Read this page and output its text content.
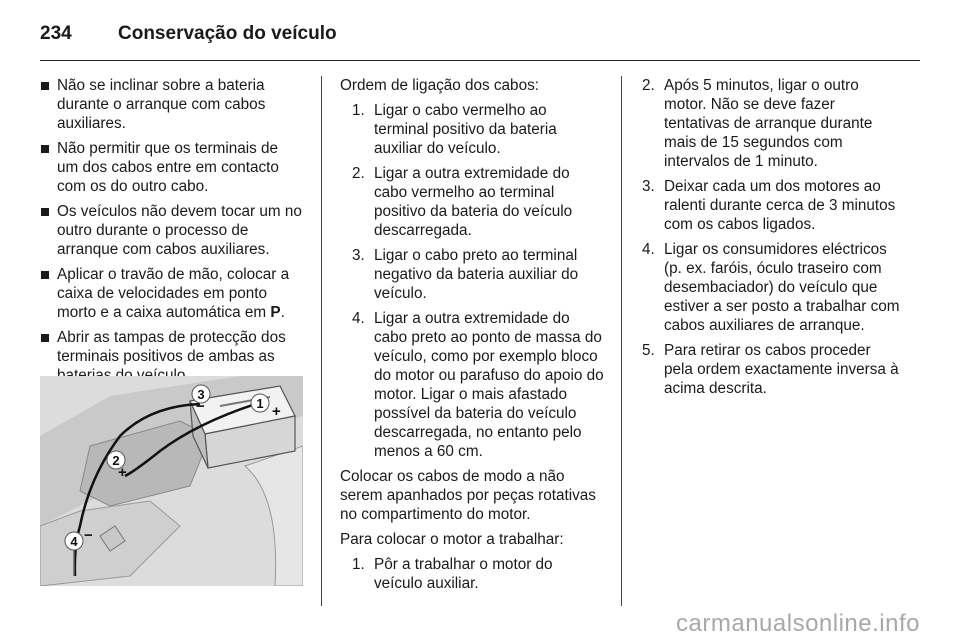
234	Conservação do veículo
Não se inclinar sobre a bateria durante o arranque com cabos auxiliares.
Não permitir que os terminais de um dos cabos entre em contacto com os do outro cabo.
Os veículos não devem tocar um no outro durante o processo de arranque com cabos auxiliares.
Aplicar o travão de mão, colocar a caixa de velocidades em ponto morto e a caixa automática em P.
Abrir as tampas de protecção dos terminais positivos de ambas as
1 +
2
+
3
−
4 −
Ordem de ligação dos cabos:
1. Ligar o cabo vermelho ao terminal positivo da bateria auxiliar do veículo.
2. Ligar a outra extremidade do cabo vermelho ao terminal positivo da bateria do veículo descarregada.
3. Ligar o cabo preto ao terminal negativo da bateria auxiliar do veículo.
4. Ligar a outra extremidade do cabo preto ao ponto de massa do veículo, como por exemplo bloco do motor ou parafuso do apoio do motor. Ligar o mais afastado possível da bateria do veículo descarregada, no entanto pelo menos a 60 cm.
Colocar os cabos de modo a não serem apanhados por peças rotativas no compartimento do motor.
Para colocar o motor a trabalhar:
1. Pôr a trabalhar o motor do veículo auxiliar.
2. Após 5 minutos, ligar o outro motor. Não se deve fazer tentativas de arranque durante mais de 15 segundos com intervalos de 1 minuto.
3. Deixar cada um dos motores ao ralenti durante cerca de 3 minutos com os cabos ligados.
4. Ligar os consumidores eléctricos (p. ex. faróis, óculo traseiro com desembaciador) do veículo que estiver a ser posto a trabalhar com cabos auxiliares de arranque.
5. Para retirar os cabos proceder pela ordem exactamente inversa à acima descrita.
carmanualsonline.info
